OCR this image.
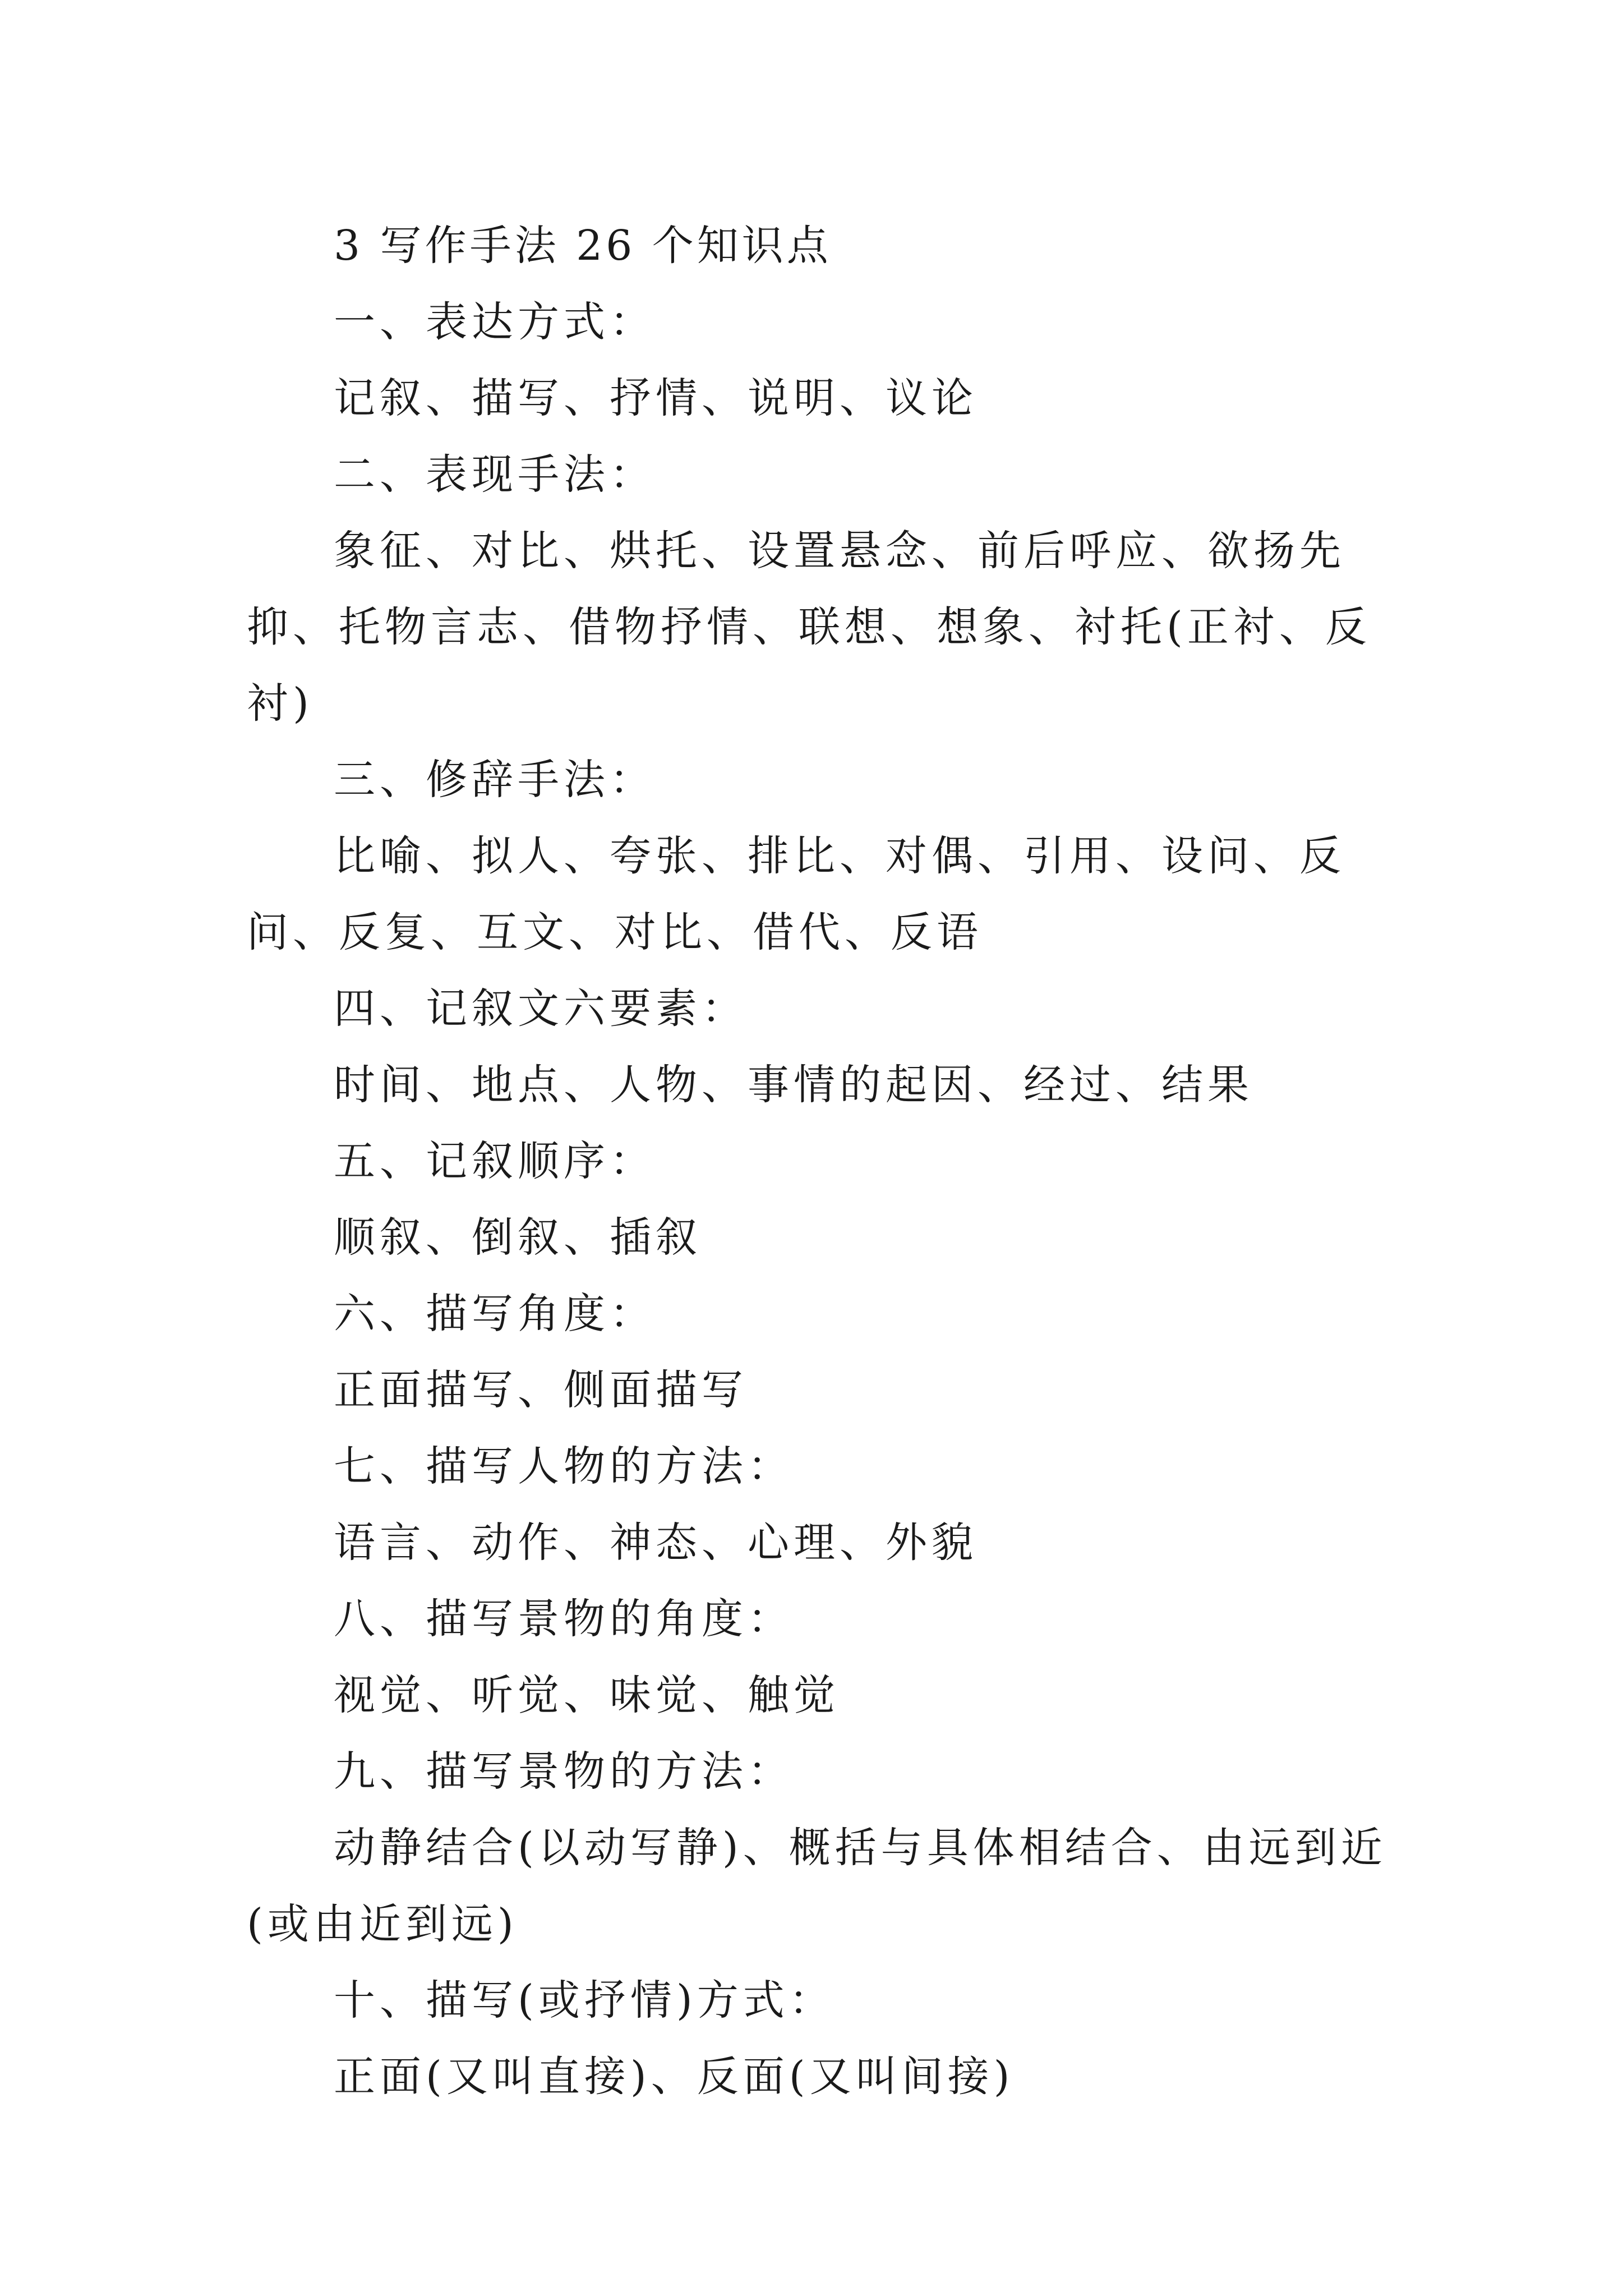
3 写作手法 26 个知识点

一、表达方式：

记叙、描写、抒情、说明、议论

二、表现手法：

象征、对比、烘托、设置悬念、前后呼应、欲扬先抑、托物言志、借物抒情、联想、想象、衬托(正衬、反衬)

三、修辞手法：

比喻、拟人、夸张、排比、对偶、引用、设问、反问、反复、互文、对比、借代、反语

四、记叙文六要素：

时间、地点、人物、事情的起因、经过、结果

五、记叙顺序：

顺叙、倒叙、插叙

六、描写角度：

正面描写、侧面描写

七、描写人物的方法：

语言、动作、神态、心理、外貌

八、描写景物的角度：

视觉、听觉、味觉、触觉

九、描写景物的方法：

动静结合(以动写静)、概括与具体相结合、由远到近(或由近到远)

十、描写(或抒情)方式：

正面(又叫直接)、反面(又叫间接)
